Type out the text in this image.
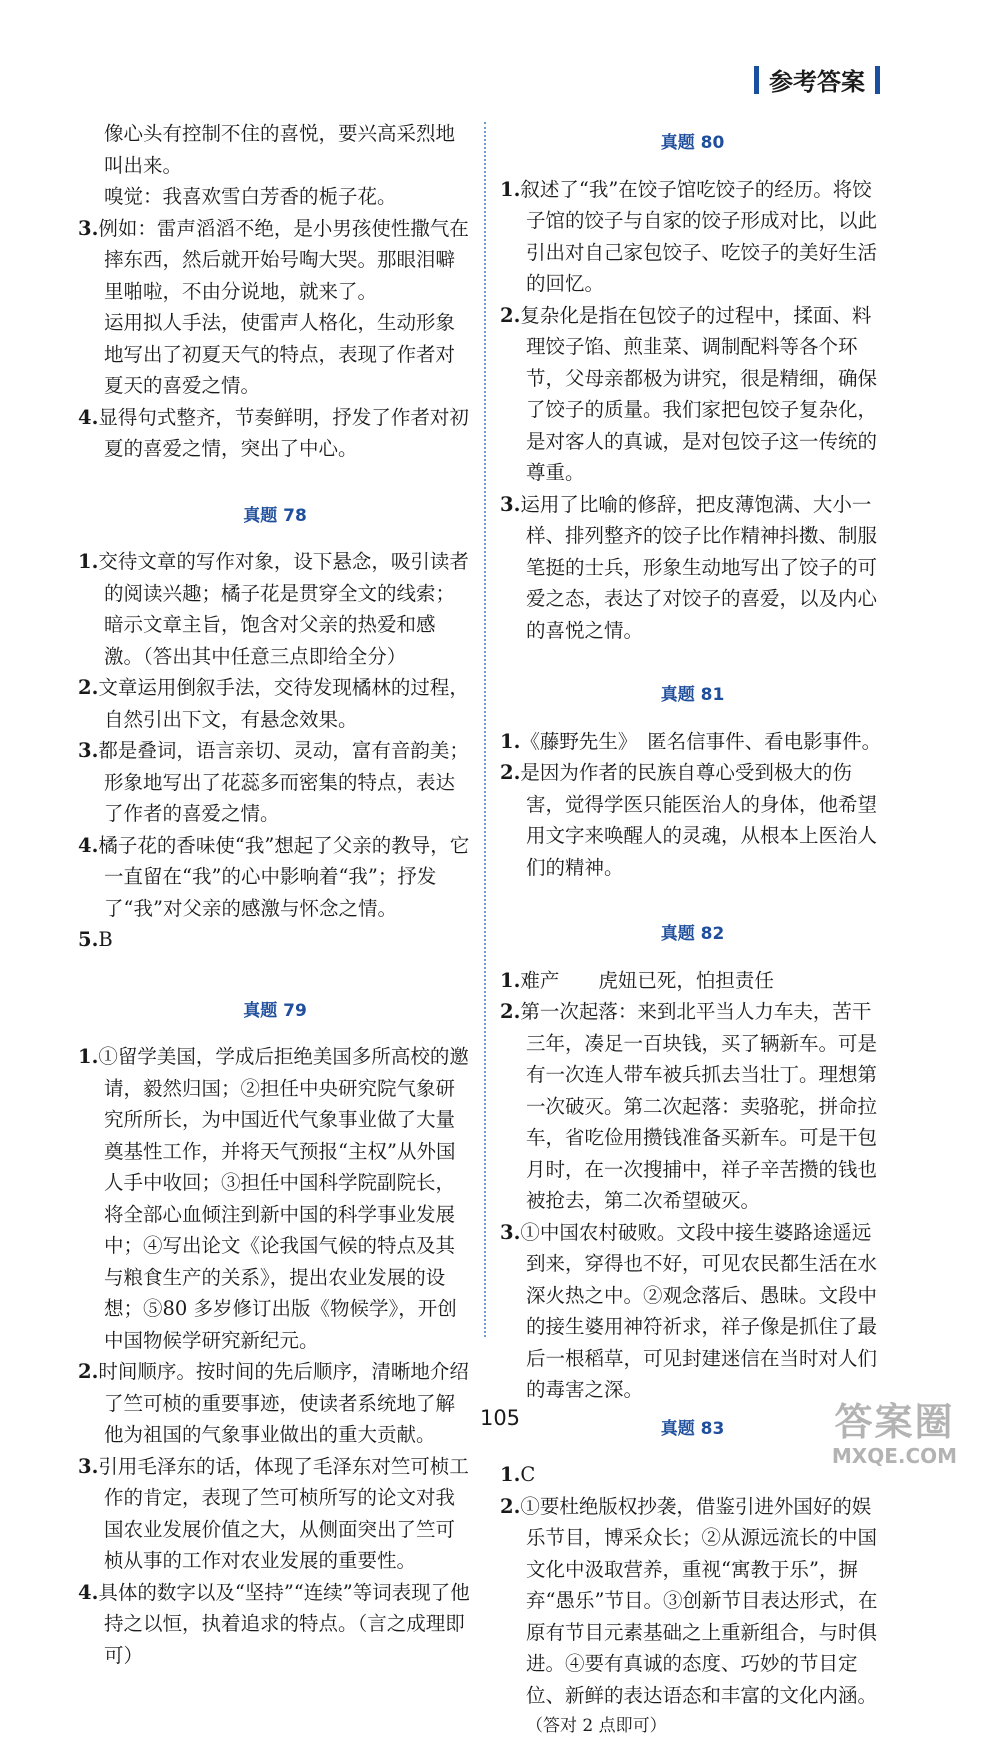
参考答案

像心头有控制不住的喜悦，要兴高采烈地叫出来。

嗅觉：我喜欢雪白芳香的栀子花。

3.例如：雷声滔滔不绝，是小男孩使性撒气在摔东西，然后就开始号啕大哭。那眼泪噼里啪啦，不由分说地，就来了。

运用拟人手法，使雷声人格化，生动形象地写出了初夏天气的特点，表现了作者对夏天的喜爱之情。

4.显得句式整齐，节奏鲜明，抒发了作者对初夏的喜爱之情，突出了中心。

真题 78

1.交待文章的写作对象，设下悬念，吸引读者的阅读兴趣；橘子花是贯穿全文的线索；暗示文章主旨，饱含对父亲的热爱和感激。（答出其中任意三点即给全分）

2.文章运用倒叙手法，交待发现橘林的过程，自然引出下文，有悬念效果。

3.都是叠词，语言亲切、灵动，富有音韵美；形象地写出了花蕊多而密集的特点，表达了作者的喜爱之情。

4.橘子花的香味使“我”想起了父亲的教导，它一直留在“我”的心中影响着“我”；抒发了“我”对父亲的感激与怀念之情。

5.B

真题 79

1.①留学美国，学成后拒绝美国多所高校的邀请，毅然归国；②担任中央研究院气象研究所所长，为中国近代气象事业做了大量奠基性工作，并将天气预报“主权”从外国人手中收回；③担任中国科学院副院长，将全部心血倾注到新中国的科学事业发展中；④写出论文《论我国气候的特点及其与粮食生产的关系》，提出农业发展的设想；⑤80 多岁修订出版《物候学》，开创中国物候学研究新纪元。

2.时间顺序。按时间的先后顺序，清晰地介绍了竺可桢的重要事迹，使读者系统地了解他为祖国的气象事业做出的重大贡献。

3.引用毛泽东的话，体现了毛泽东对竺可桢工作的肯定，表现了竺可桢所写的论文对我国农业发展价值之大，从侧面突出了竺可桢从事的工作对农业发展的重要性。

4.具体的数字以及“坚持”“连续”等词表现了他持之以恒，执着追求的特点。（言之成理即可）

真题 80

1.叙述了“我”在饺子馆吃饺子的经历。将饺子馆的饺子与自家的饺子形成对比，以此引出对自己家包饺子、吃饺子的美好生活的回忆。

2.复杂化是指在包饺子的过程中，揉面、料理饺子馅、煎韭菜、调制配料等各个环节，父母亲都极为讲究，很是精细，确保了饺子的质量。我们家把包饺子复杂化，是对客人的真诚，是对包饺子这一传统的尊重。

3.运用了比喻的修辞，把皮薄饱满、大小一样、排列整齐的饺子比作精神抖擞、制服笔挺的士兵，形象生动地写出了饺子的可爱之态，表达了对饺子的喜爱，以及内心的喜悦之情。

真题 81

1.《藤野先生》　匿名信事件、看电影事件。

2.是因为作者的民族自尊心受到极大的伤害，觉得学医只能医治人的身体，他希望用文字来唤醒人的灵魂，从根本上医治人们的精神。

真题 82

1.难产　　虎妞已死，怕担责任

2.第一次起落：来到北平当人力车夫，苦干三年，凑足一百块钱，买了辆新车。可是有一次连人带车被兵抓去当壮丁。理想第一次破灭。第二次起落：卖骆驼，拼命拉车，省吃俭用攒钱准备买新车。可是干包月时，在一次搜捕中，祥子辛苦攒的钱也被抢去，第二次希望破灭。

3.①中国农村破败。文段中接生婆路途遥远到来，穿得也不好，可见农民都生活在水深火热之中。②观念落后、愚昧。文段中的接生婆用神符祈求，祥子像是抓住了最后一根稻草，可见封建迷信在当时对人们的毒害之深。

真题 83

1.C

2.①要杜绝版权抄袭，借鉴引进外国好的娱乐节目，博采众长；②从源远流长的中国文化中汲取营养，重视“寓教于乐”，摒弃“愚乐”节目。③创新节目表达形式，在原有节目元素基础之上重新组合，与时俱进。④要有真诚的态度、巧妙的节目定位、新鲜的表达语态和丰富的文化内涵。

（答对 2 点即可）

105	答案圈
MXQE.COM
